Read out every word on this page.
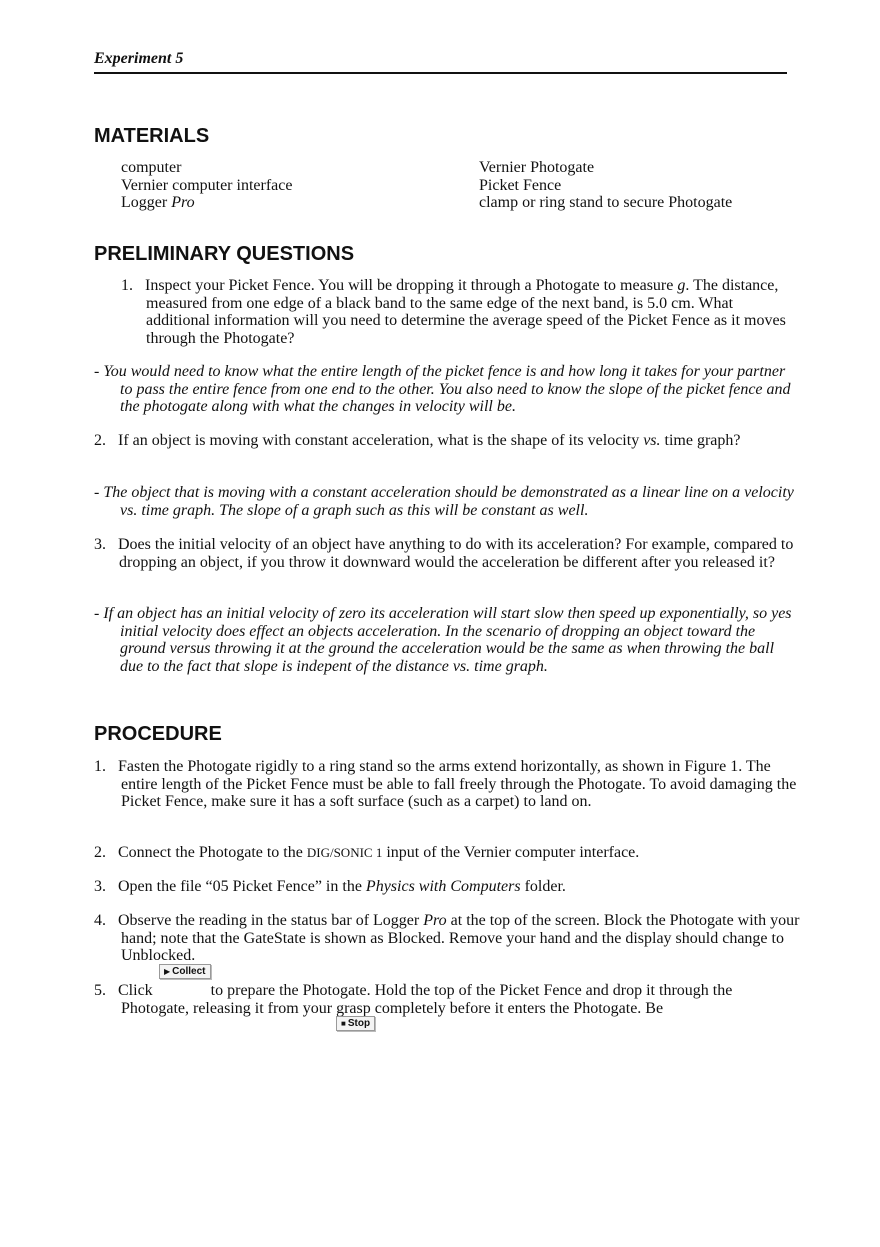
Experiment 5
MATERIALS
computer
Vernier computer interface
Logger Pro
Vernier Photogate
Picket Fence
clamp or ring stand to secure Photogate
PRELIMINARY QUESTIONS
1. Inspect your Picket Fence. You will be dropping it through a Photogate to measure g. The distance, measured from one edge of a black band to the same edge of the next band, is 5.0 cm. What additional information will you need to determine the average speed of the Picket Fence as it moves through the Photogate?
- You would need to know what the entire length of the picket fence is and how long it takes for your partner to pass the entire fence from one end to the other. You also need to know the slope of the picket fence and the photogate along with what the changes in velocity will be.
2. If an object is moving with constant acceleration, what is the shape of its velocity vs. time graph?
- The object that is moving with a constant acceleration should be demonstrated as a linear line on a velocity vs. time graph. The slope of a graph such as this will be constant as well.
3. Does the initial velocity of an object have anything to do with its acceleration? For example, compared to dropping an object, if you throw it downward would the acceleration be different after you released it?
- If an object has an initial velocity of zero its acceleration will start slow then speed up exponentially, so yes initial velocity does effect an objects acceleration. In the scenario of dropping an object toward the ground versus throwing it at the ground the acceleration would be the same as when throwing the ball due to the fact that slope is indepent of the distance vs. time graph.
PROCEDURE
1. Fasten the Photogate rigidly to a ring stand so the arms extend horizontally, as shown in Figure 1. The entire length of the Picket Fence must be able to fall freely through the Photogate. To avoid damaging the Picket Fence, make sure it has a soft surface (such as a carpet) to land on.
2. Connect the Photogate to the DIG/SONIC 1 input of the Vernier computer interface.
3. Open the file “05 Picket Fence” in the Physics with Computers folder.
4. Observe the reading in the status bar of Logger Pro at the top of the screen. Block the Photogate with your hand; note that the GateState is shown as Blocked. Remove your hand and the display should change to Unblocked.
5. Click	to prepare the Photogate. Hold the top of the Picket Fence and drop it through the Photogate, releasing it from your grasp completely before it enters the Photogate. Be
▶ Collect
■ Stop
